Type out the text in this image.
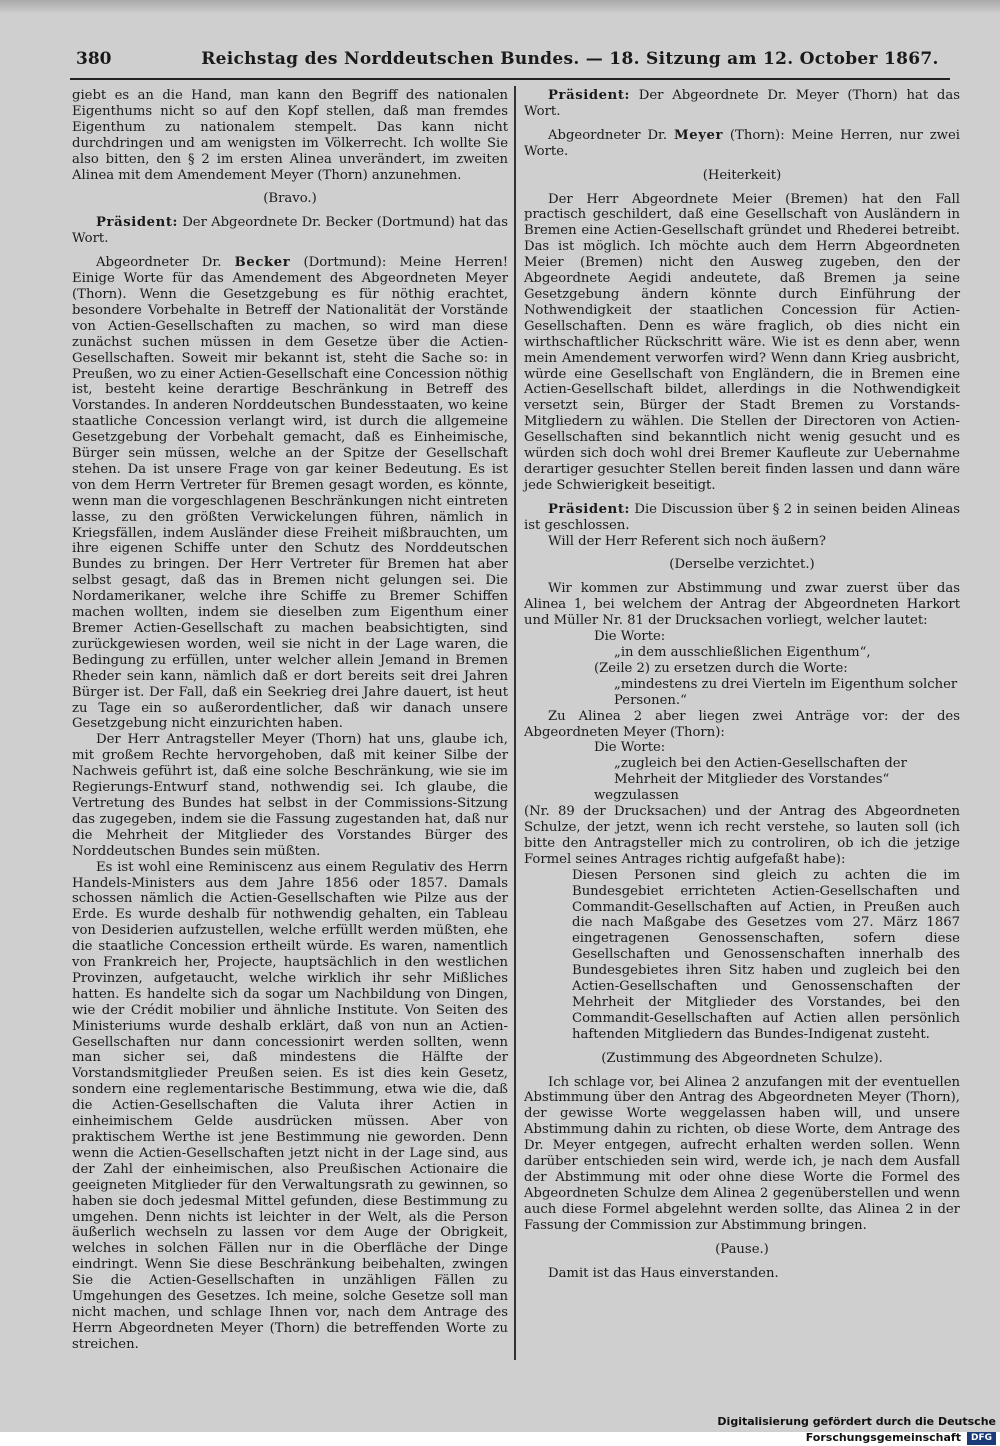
380	Reichstag des Norddeutschen Bundes. — 18. Sitzung am 12. October 1867.

giebt es an die Hand, man kann den Begriff des nationalen Eigenthums nicht so auf den Kopf stellen, daß man fremdes Eigenthum zu nationalem stempelt. Das kann nicht durchdringen und am wenigsten im Völkerrecht. Ich wollte Sie also bitten, den § 2 im ersten Alinea unverändert, im zweiten Alinea mit dem Amendement Meyer (Thorn) anzunehmen.

(Bravo.)

Präsident: Der Abgeordnete Dr. Becker (Dortmund) hat das Wort.

Abgeordneter Dr. Becker (Dortmund): Meine Herren! Einige Worte für das Amendement des Abgeordneten Meyer (Thorn). Wenn die Gesetzgebung es für nöthig erachtet, besondere Vorbehalte in Betreff der Nationalität der Vorstände von Actien-Gesellschaften zu machen, so wird man diese zunächst suchen müssen in dem Gesetze über die Actien-Gesellschaften. Soweit mir bekannt ist, steht die Sache so: in Preußen, wo zu einer Actien-Gesellschaft eine Concession nöthig ist, besteht keine derartige Beschränkung in Betreff des Vorstandes. In anderen Norddeutschen Bundesstaaten, wo keine staatliche Concession verlangt wird, ist durch die allgemeine Gesetzgebung der Vorbehalt gemacht, daß es Einheimische, Bürger sein müssen, welche an der Spitze der Gesellschaft stehen. Da ist unsere Frage von gar keiner Bedeutung. Es ist von dem Herrn Vertreter für Bremen gesagt worden, es könnte, wenn man die vorgeschlagenen Beschränkungen nicht eintreten lasse, zu den größten Verwickelungen führen, nämlich in Kriegsfällen, indem Ausländer diese Freiheit mißbrauchten, um ihre eigenen Schiffe unter den Schutz des Norddeutschen Bundes zu bringen. Der Herr Vertreter für Bremen hat aber selbst gesagt, daß das in Bremen nicht gelungen sei. Die Nordamerikaner, welche ihre Schiffe zu Bremer Schiffen machen wollten, indem sie dieselben zum Eigenthum einer Bremer Actien-Gesellschaft zu machen beabsichtigten, sind zurückgewiesen worden, weil sie nicht in der Lage waren, die Bedingung zu erfüllen, unter welcher allein Jemand in Bremen Rheder sein kann, nämlich daß er dort bereits seit drei Jahren Bürger ist. Der Fall, daß ein Seekrieg drei Jahre dauert, ist heut zu Tage ein so außerordentlicher, daß wir danach unsere Gesetzgebung nicht einzurichten haben.

Der Herr Antragsteller Meyer (Thorn) hat uns, glaube ich, mit großem Rechte hervorgehoben, daß mit keiner Silbe der Nachweis geführt ist, daß eine solche Beschränkung, wie sie im Regierungs-Entwurf stand, nothwendig sei. Ich glaube, die Vertretung des Bundes hat selbst in der Commissions-Sitzung das zugegeben, indem sie die Fassung zugestanden hat, daß nur die Mehrheit der Mitglieder des Vorstandes Bürger des Norddeutschen Bundes sein müßten.

Es ist wohl eine Reminiscenz aus einem Regulativ des Herrn Handels-Ministers aus dem Jahre 1856 oder 1857. Damals schossen nämlich die Actien-Gesellschaften wie Pilze aus der Erde. Es wurde deshalb für nothwendig gehalten, ein Tableau von Desiderien aufzustellen, welche erfüllt werden müßten, ehe die staatliche Concession ertheilt würde. Es waren, namentlich von Frankreich her, Projecte, hauptsächlich in den westlichen Provinzen, aufgetaucht, welche wirklich ihr sehr Mißliches hatten. Es handelte sich da sogar um Nachbildung von Dingen, wie der Crédit mobilier und ähnliche Institute. Von Seiten des Ministeriums wurde deshalb erklärt, daß von nun an Actien-Gesellschaften nur dann concessionirt werden sollten, wenn man sicher sei, daß mindestens die Hälfte der Vorstandsmitglieder Preußen seien. Es ist dies kein Gesetz, sondern eine reglementarische Bestimmung, etwa wie die, daß die Actien-Gesellschaften die Valuta ihrer Actien in einheimischem Gelde ausdrücken müssen. Aber von praktischem Werthe ist jene Bestimmung nie geworden. Denn wenn die Actien-Gesellschaften jetzt nicht in der Lage sind, aus der Zahl der einheimischen, also Preußischen Actionaire die geeigneten Mitglieder für den Verwaltungsrath zu gewinnen, so haben sie doch jedesmal Mittel gefunden, diese Bestimmung zu umgehen. Denn nichts ist leichter in der Welt, als die Person äußerlich wechseln zu lassen vor dem Auge der Obrigkeit, welches in solchen Fällen nur in die Oberfläche der Dinge eindringt. Wenn Sie diese Beschränkung beibehalten, zwingen Sie die Actien-Gesellschaften in unzähligen Fällen zu Umgehungen des Gesetzes. Ich meine, solche Gesetze soll man nicht machen, und schlage Ihnen vor, nach dem Antrage des Herrn Abgeordneten Meyer (Thorn) die betreffenden Worte zu streichen.

Präsident: Der Abgeordnete Dr. Meyer (Thorn) hat das Wort.

Abgeordneter Dr. Meyer (Thorn): Meine Herren, nur zwei Worte.

(Heiterkeit)

Der Herr Abgeordnete Meier (Bremen) hat den Fall practisch geschildert, daß eine Gesellschaft von Ausländern in Bremen eine Actien-Gesellschaft gründet und Rhederei betreibt. Das ist möglich. Ich möchte auch dem Herrn Abgeordneten Meier (Bremen) nicht den Ausweg zugeben, den der Abgeordnete Aegidi andeutete, daß Bremen ja seine Gesetzgebung ändern könnte durch Einführung der Nothwendigkeit der staatlichen Concession für Actien-Gesellschaften. Denn es wäre fraglich, ob dies nicht ein wirthschaftlicher Rückschritt wäre. Wie ist es denn aber, wenn mein Amendement verworfen wird? Wenn dann Krieg ausbricht, würde eine Gesellschaft von Engländern, die in Bremen eine Actien-Gesellschaft bildet, allerdings in die Nothwendigkeit versetzt sein, Bürger der Stadt Bremen zu Vorstands-Mitgliedern zu wählen. Die Stellen der Directoren von Actien-Gesellschaften sind bekanntlich nicht wenig gesucht und es würden sich doch wohl drei Bremer Kaufleute zur Uebernahme derartiger gesuchter Stellen bereit finden lassen und dann wäre jede Schwierigkeit beseitigt.

Präsident: Die Discussion über § 2 in seinen beiden Alineas ist geschlossen.

Will der Herr Referent sich noch äußern?

(Derselbe verzichtet.)

Wir kommen zur Abstimmung und zwar zuerst über das Alinea 1, bei welchem der Antrag der Abgeordneten Harkort und Müller Nr. 81 der Drucksachen vorliegt, welcher lautet:

Die Worte:

„in dem ausschließlichen Eigenthum“,

(Zeile 2) zu ersetzen durch die Worte:

„mindestens zu drei Vierteln im Eigenthum solcher Personen.“

Zu Alinea 2 aber liegen zwei Anträge vor: der des Abgeordneten Meyer (Thorn):

Die Worte:

„zugleich bei den Actien-Gesellschaften der Mehrheit der Mitglieder des Vorstandes“

wegzulassen

(Nr. 89 der Drucksachen) und der Antrag des Abgeordneten Schulze, der jetzt, wenn ich recht verstehe, so lauten soll (ich bitte den Antragsteller mich zu controliren, ob ich die jetzige Formel seines Antrages richtig aufgefaßt habe):

Diesen Personen sind gleich zu achten die im Bundesgebiet errichteten Actien-Gesellschaften und Commandit-Gesellschaften auf Actien, in Preußen auch die nach Maßgabe des Gesetzes vom 27. März 1867 eingetragenen Genossenschaften, sofern diese Gesellschaften und Genossenschaften innerhalb des Bundesgebietes ihren Sitz haben und zugleich bei den Actien-Gesellschaften und Genossenschaften der Mehrheit der Mitglieder des Vorstandes, bei den Commandit-Gesellschaften auf Actien allen persönlich haftenden Mitgliedern das Bundes-Indigenat zusteht.

(Zustimmung des Abgeordneten Schulze).

Ich schlage vor, bei Alinea 2 anzufangen mit der eventuellen Abstimmung über den Antrag des Abgeordneten Meyer (Thorn), der gewisse Worte weggelassen haben will, und unsere Abstimmung dahin zu richten, ob diese Worte, dem Antrage des Dr. Meyer entgegen, aufrecht erhalten werden sollen. Wenn darüber entschieden sein wird, werde ich, je nach dem Ausfall der Abstimmung mit oder ohne diese Worte die Formel des Abgeordneten Schulze dem Alinea 2 gegenüberstellen und wenn auch diese Formel abgelehnt werden sollte, das Alinea 2 in der Fassung der Commission zur Abstimmung bringen.

(Pause.)

Damit ist das Haus einverstanden.

Digitalisierung gefördert durch die Deutsche Forschungsgemeinschaft DFG
